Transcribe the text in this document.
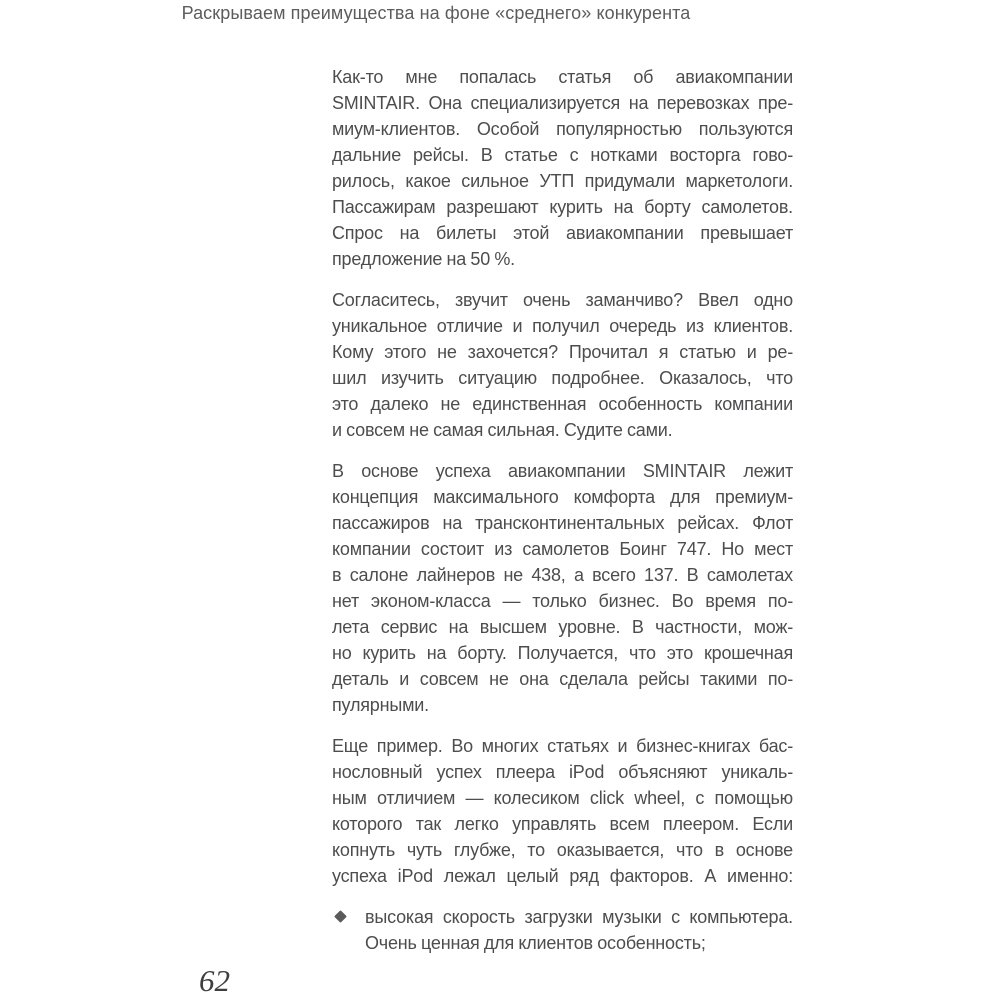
Раскрываем преимущества на фоне «среднего» конкурента
Как-то мне попалась статья об авиакомпании
SMINTAIR. Она специализируется на перевозках пре-
миум-клиентов. Особой популярностью пользуются
дальние рейсы. В статье с нотками восторга гово-
рилось, какое сильное УТП придумали маркетологи.
Пассажирам разрешают курить на борту самолетов.
Спрос на билеты этой авиакомпании превышает
предложение на 50 %.
Согласитесь, звучит очень заманчиво? Ввел одно
уникальное отличие и получил очередь из клиентов.
Кому этого не захочется? Прочитал я статью и ре-
шил изучить ситуацию подробнее. Оказалось, что
это далеко не единственная особенность компании
и совсем не самая сильная. Судите сами.
В основе успеха авиакомпании SMINTAIR лежит
концепция максимального комфорта для премиум-
пассажиров на трансконтинентальных рейсах. Флот
компании состоит из самолетов Боинг 747. Но мест
в салоне лайнеров не 438, а всего 137. В самолетах
нет эконом-класса — только бизнес. Во время по-
лета сервис на высшем уровне. В частности, мож-
но курить на борту. Получается, что это крошечная
деталь и совсем не она сделала рейсы такими по-
пулярными.
Еще пример. Во многих статьях и бизнес-книгах бас-
нословный успех плеера iPod объясняют уникаль-
ным отличием — колесиком click wheel, с помощью
которого так легко управлять всем плеером. Если
копнуть чуть глубже, то оказывается, что в основе
успеха iPod лежал целый ряд факторов. А именно:
высокая скорость загрузки музыки с компьютера.
Очень ценная для клиентов особенность;
62
